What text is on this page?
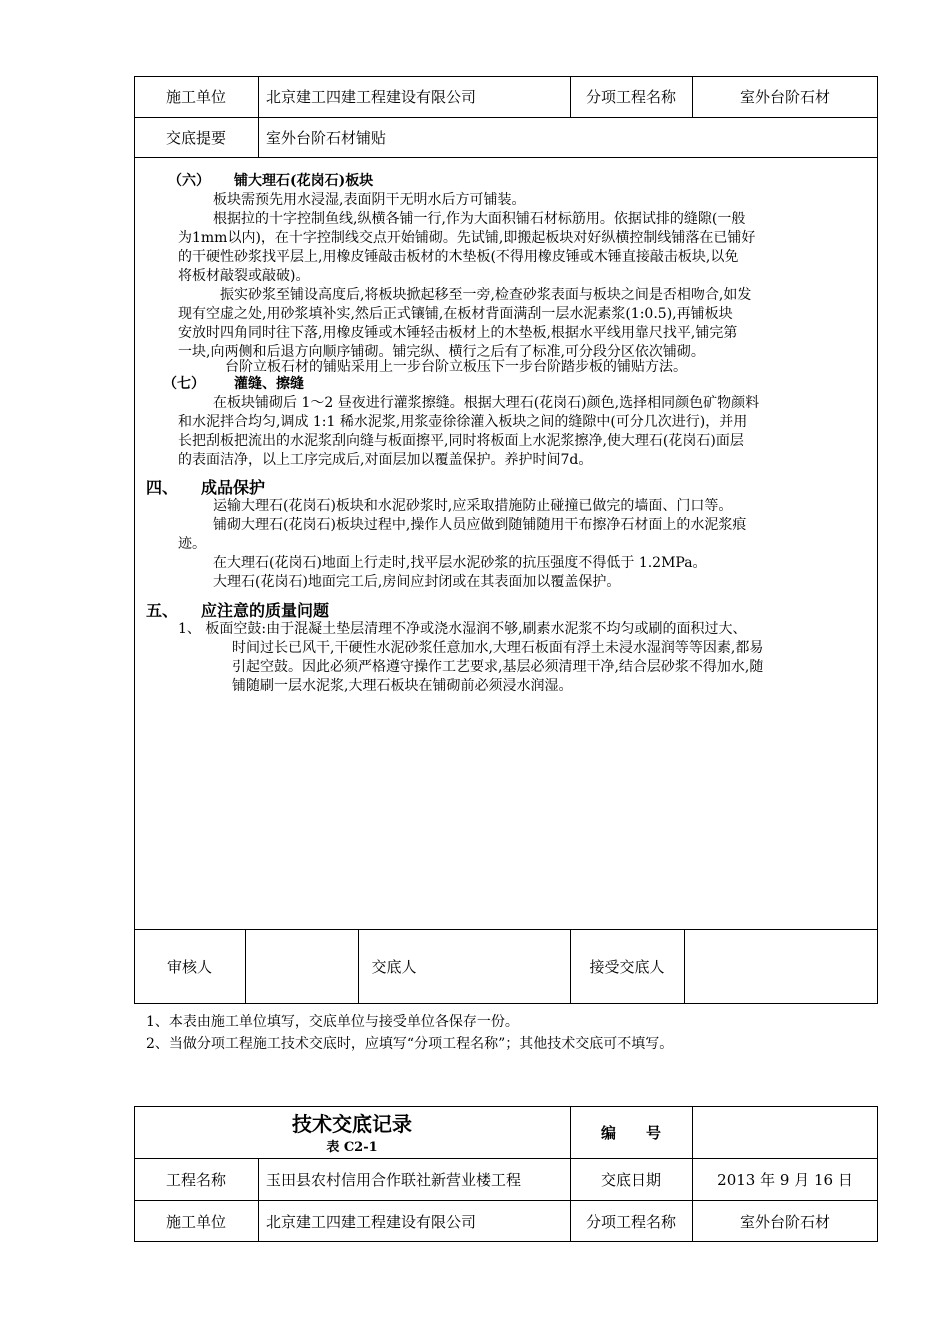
施工单位	北京建工四建工程建设有限公司	分项工程名称	室外台阶石材
交底提要	室外台阶石材铺贴
（六） 铺大理石(花岗石)板块
板块需预先用水浸湿,表面阴干无明水后方可铺装。
根据拉的十字控制鱼线,纵横各铺一行,作为大面积铺石材标筋用。依据试排的缝隙(一般
为1mm以内)，在十字控制线交点开始铺砌。先试铺,即搬起板块对好纵横控制线铺落在已铺好
的干硬性砂浆找平层上,用橡皮锤敲击板材的木垫板(不得用橡皮锤或木锤直接敲击板块,以免
将板材敲裂或敲破)。
振实砂浆至铺设高度后,将板块掀起移至一旁,检查砂浆表面与板块之间是否相吻合,如发
现有空虚之处,用砂浆填补实,然后正式镶铺,在板材背面满刮一层水泥素浆(1:0.5),再铺板块
安放时四角同时往下落,用橡皮锤或木锤轻击板材上的木垫板,根据水平线用靠尺找平,铺完第
一块,向两侧和后退方向顺序铺砌。铺完纵、横行之后有了标准,可分段分区依次铺砌。
台阶立板石材的铺贴采用上一步台阶立板压下一步台阶踏步板的铺贴方法。
（七） 灌缝、擦缝
在板块铺砌后 1～2 昼夜进行灌浆擦缝。根据大理石(花岗石)颜色,选择相同颜色矿物颜料
和水泥拌合均匀,调成 1:1 稀水泥浆,用浆壶徐徐灌入板块之间的缝隙中(可分几次进行)，并用
长把刮板把流出的水泥浆刮向缝与板面擦平,同时将板面上水泥浆擦净,使大理石(花岗石)面层
的表面洁净，以上工序完成后,对面层加以覆盖保护。养护时间7d。
四、 成品保护
运输大理石(花岗石)板块和水泥砂浆时,应采取措施防止碰撞已做完的墙面、门口等。
铺砌大理石(花岗石)板块过程中,操作人员应做到随铺随用干布擦净石材面上的水泥浆痕
迹。
在大理石(花岗石)地面上行走时,找平层水泥砂浆的抗压强度不得低于 1.2MPa。
大理石(花岗石)地面完工后,房间应封闭或在其表面加以覆盖保护。
五、 应注意的质量问题
1、 板面空鼓:由于混凝土垫层清理不净或浇水湿润不够,刷素水泥浆不均匀或刷的面积过大、
时间过长已风干,干硬性水泥砂浆任意加水,大理石板面有浮土未浸水湿润等等因素,都易
引起空鼓。因此必须严格遵守操作工艺要求,基层必须清理干净,结合层砂浆不得加水,随
铺随刷一层水泥浆,大理石板块在铺砌前必须浸水润湿。
审核人	交底人	接受交底人
1、本表由施工单位填写，交底单位与接受单位各保存一份。
2、当做分项工程施工技术交底时，应填写“分项工程名称”；其他技术交底可不填写。
技术交底记录
表 C2-1
编　　号
工程名称	玉田县农村信用合作联社新营业楼工程	交底日期	2013 年 9 月 16 日
施工单位	北京建工四建工程建设有限公司	分项工程名称	室外台阶石材
